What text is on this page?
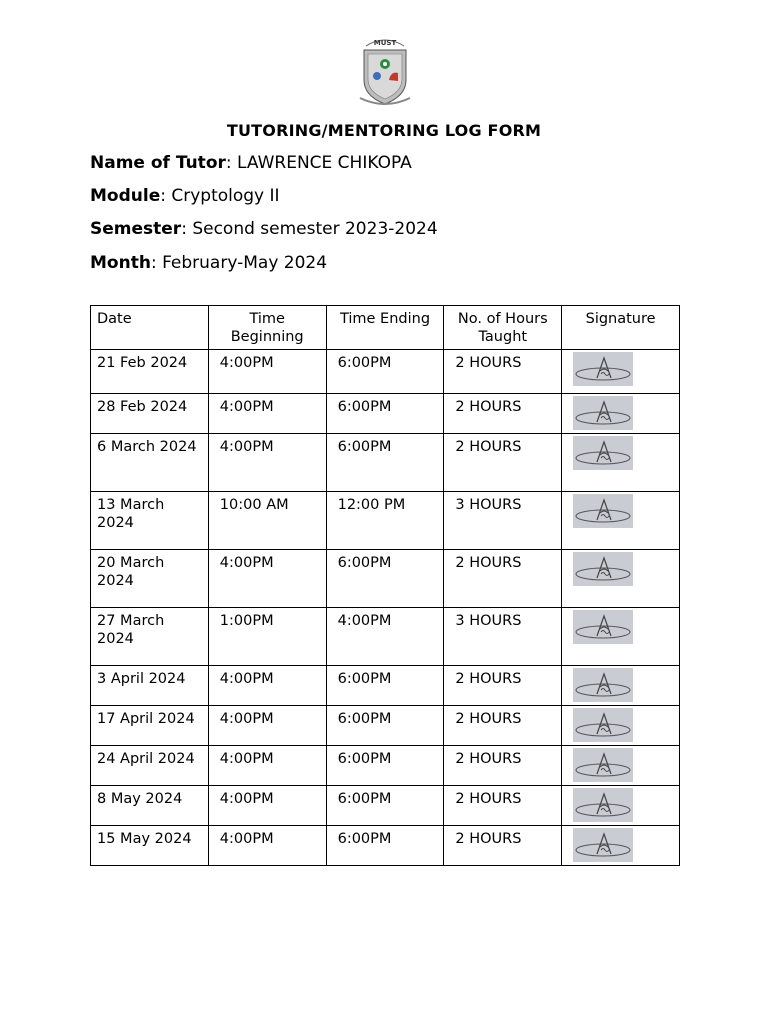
MUST
TUTORING/MENTORING LOG FORM
Name of Tutor: LAWRENCE CHIKOPA
Module: Cryptology II
Semester: Second semester 2023-2024
Month: February-May 2024
Date	Time Beginning	Time Ending	No. of Hours Taught	Signature
21 Feb 2024	4:00PM	6:00PM	2 HOURS	

28 Feb 2024	4:00PM	6:00PM	2 HOURS	

6 March 2024	4:00PM	6:00PM	2 HOURS	

13 March 2024	10:00 AM	12:00 PM	3 HOURS	

20 March 2024	4:00PM	6:00PM	2 HOURS	

27 March 2024	1:00PM	4:00PM	3 HOURS	

3 April 2024	4:00PM	6:00PM	2 HOURS	

17 April 2024	4:00PM	6:00PM	2 HOURS	

24 April 2024	4:00PM	6:00PM	2 HOURS	

8 May 2024	4:00PM	6:00PM	2 HOURS	

15 May 2024	4:00PM	6:00PM	2 HOURS	
